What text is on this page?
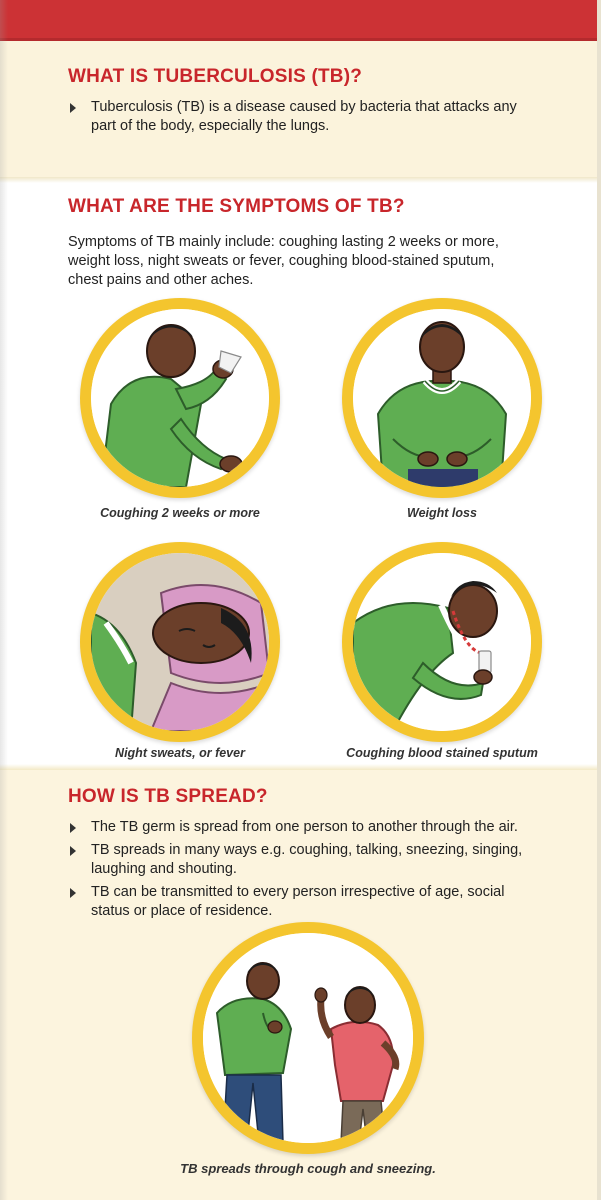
WHAT IS TUBERCULOSIS (TB)?
Tuberculosis (TB) is a disease caused by bacteria that attacks any
part of the body, especially the lungs.
WHAT ARE THE SYMPTOMS OF TB?
Symptoms of TB mainly include: coughing lasting 2 weeks or more,
weight loss, night sweats or fever, coughing blood-stained sputum,
chest pains and other aches.
Coughing 2 weeks or more	Weight loss
Night sweats, or fever	Coughing blood stained sputum
HOW IS TB SPREAD?
The TB germ is spread from one person to another through the air.
TB spreads in many ways e.g. coughing, talking, sneezing, singing,
laughing and shouting.
TB can be transmitted to every person irrespective of age, social
status or place of residence.
TB spreads through cough and sneezing.
